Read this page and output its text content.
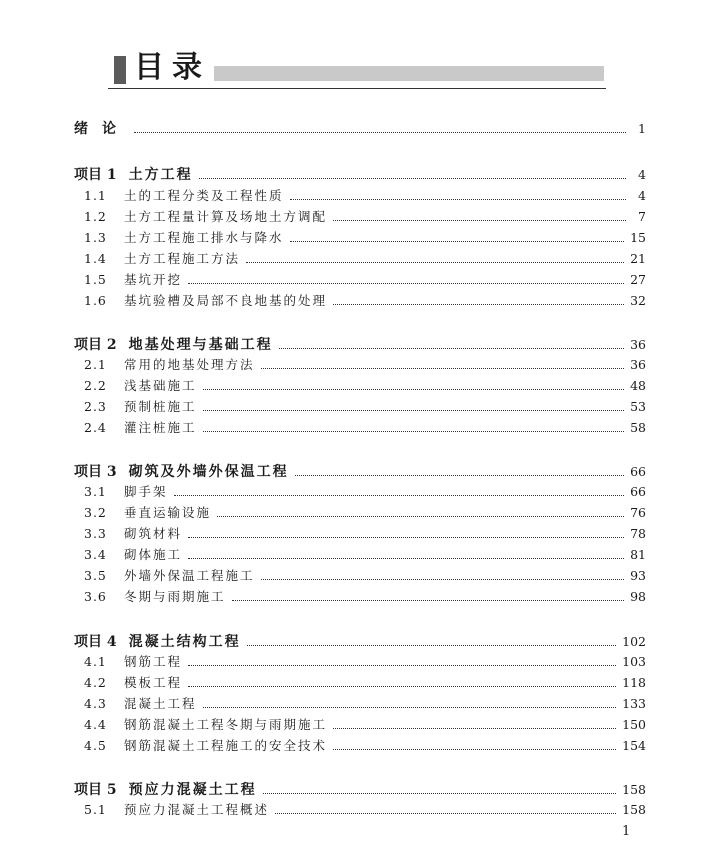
目录
绪　论	1
项目 1 土方工程	4
1.1	土的工程分类及工程性质	4
1.2	土方工程量计算及场地土方调配	7
1.3	土方工程施工排水与降水	15
1.4	土方工程施工方法	21
1.5	基坑开挖	27
1.6	基坑验槽及局部不良地基的处理	32
项目 2 地基处理与基础工程	36
2.1	常用的地基处理方法	36
2.2	浅基础施工	48
2.3	预制桩施工	53
2.4	灌注桩施工	58
项目 3 砌筑及外墙外保温工程	66
3.1	脚手架	66
3.2	垂直运输设施	76
3.3	砌筑材料	78
3.4	砌体施工	81
3.5	外墙外保温工程施工	93
3.6	冬期与雨期施工	98
项目 4 混凝土结构工程	102
4.1	钢筋工程	103
4.2	模板工程	118
4.3	混凝土工程	133
4.4	钢筋混凝土工程冬期与雨期施工	150
4.5	钢筋混凝土工程施工的安全技术	154
项目 5 预应力混凝土工程	158
5.1	预应力混凝土工程概述	158
1
